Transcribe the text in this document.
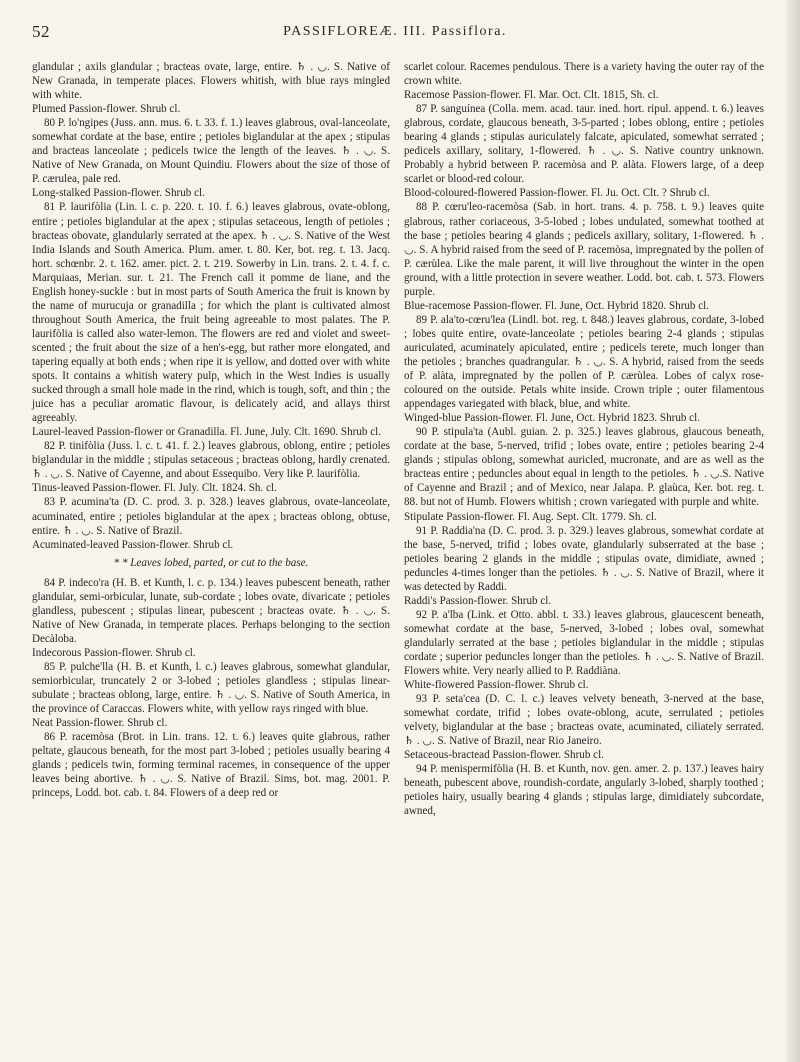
52	PASSIFLOREÆ. III. Passiflora.

glandular ; axils glandular ; bracteas ovate, large, entire. ♄ . ◡. S. Native of New Granada, in temperate places. Flowers whitish, with blue rays mingled with white.

Plumed Passion-flower. Shrub cl.

80 P. lo'ngipes (Juss. ann. mus. 6. t. 33. f. 1.) leaves glabrous, oval-lanceolate, somewhat cordate at the base, entire ; petioles biglandular at the apex ; stipulas and bracteas lanceolate ; pedicels twice the length of the leaves. ♄ . ◡. S. Native of New Granada, on Mount Quindiu. Flowers about the size of those of P. cærulea, pale red.

Long-stalked Passion-flower. Shrub cl.

81 P. laurifòlia (Lin. l. c. p. 220. t. 10. f. 6.) leaves glabrous, ovate-oblong, entire ; petioles biglandular at the apex ; stipulas setaceous, length of petioles ; bracteas obovate, glandularly serrated at the apex. ♄ . ◡. S. Native of the West India Islands and South America. Plum. amer. t. 80. Ker, bot. reg. t. 13. Jacq. hort. schœnbr. 2. t. 162. amer. pict. 2. t. 219. Sowerby in Lin. trans. 2. t. 4. f. c. Marquiaas, Merian. sur. t. 21. The French call it pomme de liane, and the English honey-suckle : but in most parts of South America the fruit is known by the name of murucuja or granadilla ; for which the plant is cultivated almost throughout South America, the fruit being agreeable to most palates. The P. laurifòlia is called also water-lemon. The flowers are red and violet and sweet-scented ; the fruit about the size of a hen's-egg, but rather more elongated, and tapering equally at both ends ; when ripe it is yellow, and dotted over with white spots. It contains a whitish watery pulp, which in the West Indies is usually sucked through a small hole made in the rind, which is tough, soft, and thin ; the juice has a peculiar aromatic flavour, is delicately acid, and allays thirst agreeably.

Laurel-leaved Passion-flower or Granadilla. Fl. June, July. Clt. 1690. Shrub cl.

82 P. tinifòlia (Juss. l. c. t. 41. f. 2.) leaves glabrous, oblong, entire ; petioles biglandular in the middle ; stipulas setaceous ; bracteas oblong, hardly crenated. ♄ . ◡. S. Native of Cayenne, and about Essequibo. Very like P. laurifòlia.

Tinus-leaved Passion-flower. Fl. July. Clt. 1824. Sh. cl.

83 P. acumina'ta (D. C. prod. 3. p. 328.) leaves glabrous, ovate-lanceolate, acuminated, entire ; petioles biglandular at the apex ; bracteas oblong, obtuse, entire. ♄ . ◡. S. Native of Brazil.

Acuminated-leaved Passion-flower. Shrub cl.

* * Leaves lobed, parted, or cut to the base.

84 P. indeco'ra (H. B. et Kunth, l. c. p. 134.) leaves pubescent beneath, rather glandular, semi-orbicular, lunate, sub-cordate ; lobes ovate, divaricate ; petioles glandless, pubescent ; stipulas linear, pubescent ; bracteas ovate. ♄ . ◡. S. Native of New Granada, in temperate places. Perhaps belonging to the section Decàloba.

Indecorous Passion-flower. Shrub cl.

85 P. pulche'lla (H. B. et Kunth, l. c.) leaves glabrous, somewhat glandular, semiorbicular, truncately 2 or 3-lobed ; petioles glandless ; stipulas linear-subulate ; bracteas oblong, large, entire. ♄ . ◡. S. Native of South America, in the province of Caraccas. Flowers white, with yellow rays ringed with blue.

Neat Passion-flower. Shrub cl.

86 P. racemòsa (Brot. in Lin. trans. 12. t. 6.) leaves quite glabrous, rather peltate, glaucous beneath, for the most part 3-lobed ; petioles usually bearing 4 glands ; pedicels twin, forming terminal racemes, in consequence of the upper leaves being abortive. ♄ . ◡. S. Native of Brazil. Sims, bot. mag. 2001. P. princeps, Lodd. bot. cab. t. 84. Flowers of a deep red or

scarlet colour. Racemes pendulous. There is a variety having the outer ray of the crown white.

Racemose Passion-flower. Fl. Mar. Oct. Clt. 1815, Sh. cl.

87 P. sanguínea (Colla. mem. acad. taur. ined. hort. ripul. append. t. 6.) leaves glabrous, cordate, glaucous beneath, 3-5-parted ; lobes oblong, entire ; petioles bearing 4 glands ; stipulas auriculately falcate, apiculated, somewhat serrated ; pedicels axillary, solitary, 1-flowered. ♄ . ◡. S. Native country unknown. Probably a hybrid between P. racemòsa and P. alàta. Flowers large, of a deep scarlet or blood-red colour.

Blood-coloured-flowered Passion-flower. Fl. Ju. Oct. Clt. ? Shrub cl.

88 P. cœru'leo-racemòsa (Sab. in hort. trans. 4. p. 758. t. 9.) leaves quite glabrous, rather coriaceous, 3-5-lobed ; lobes undulated, somewhat toothed at the base ; petioles bearing 4 glands ; pedicels axillary, solitary, 1-flowered. ♄ . ◡. S. A hybrid raised from the seed of P. racemòsa, impregnated by the pollen of P. cærùlea. Like the male parent, it will live throughout the winter in the open ground, with a little protection in severe weather. Lodd. bot. cab. t. 573. Flowers purple.

Blue-racemose Passion-flower. Fl. June, Oct. Hybrid 1820. Shrub cl.

89 P. ala'to-cœru'lea (Lindl. bot. reg. t. 848.) leaves glabrous, cordate, 3-lobed ; lobes quite entire, ovate-lanceolate ; petioles bearing 2-4 glands ; stipulas auriculated, acuminately apiculated, entire ; pedicels terete, much longer than the petioles ; branches quadrangular. ♄ . ◡. S. A hybrid, raised from the seeds of P. alàta, impregnated by the pollen of P. cærùlea. Lobes of calyx rose-coloured on the outside. Petals white inside. Crown triple ; outer filamentous appendages variegated with black, blue, and white.

Winged-blue Passion-flower. Fl. June, Oct. Hybrid 1823. Shrub cl.

90 P. stipula'ta (Aubl. guian. 2. p. 325.) leaves glabrous, glaucous beneath, cordate at the base, 5-nerved, trifid ; lobes ovate, entire ; petioles bearing 2-4 glands ; stipulas oblong, somewhat auricled, mucronate, and are as well as the bracteas entire ; peduncles about equal in length to the petioles. ♄ . ◡.S. Native of Cayenne and Brazil ; and of Mexico, near Jalapa. P. glaùca, Ker. bot. reg. t. 88. but not of Humb. Flowers whitish ; crown variegated with purple and white.

Stipulate Passion-flower. Fl. Aug. Sept. Clt. 1779. Sh. cl.

91 P. Raddia'na (D. C. prod. 3. p. 329.) leaves glabrous, somewhat cordate at the base, 5-nerved, trifid ; lobes ovate, glandularly subserrated at the base ; petioles bearing 2 glands in the middle ; stipulas ovate, dimidiate, awned ; peduncles 4-times longer than the petioles. ♄ . ◡. S. Native of Brazil, where it was detected by Raddi.

Raddi's Passion-flower. Shrub cl.

92 P. a'lba (Link. et Otto. abbl. t. 33.) leaves glabrous, glaucescent beneath, somewhat cordate at the base, 5-nerved, 3-lobed ; lobes oval, somewhat glandularly serrated at the base ; petioles biglandular in the middle ; stipulas cordate ; superior peduncles longer than the petioles. ♄ . ◡. S. Native of Brazil. Flowers white. Very nearly allied to P. Raddiàna.

White-flowered Passion-flower. Shrub cl.

93 P. seta'cea (D. C. l. c.) leaves velvety beneath, 3-nerved at the base, somewhat cordate, trifid ; lobes ovate-oblong, acute, serrulated ; petioles velvety, biglandular at the base ; bracteas ovate, acuminated, ciliately serrated. ♄ . ◡. S. Native of Brazil, near Rio Janeiro.

Setaceous-bractead Passion-flower. Shrub cl.

94 P. menispermifòlia (H. B. et Kunth, nov. gen. amer. 2. p. 137.) leaves hairy beneath, pubescent above, roundish-cordate, angularly 3-lobed, sharply toothed ; petioles hairy, usually bearing 4 glands ; stipulas large, dimidiately subcordate, awned,
